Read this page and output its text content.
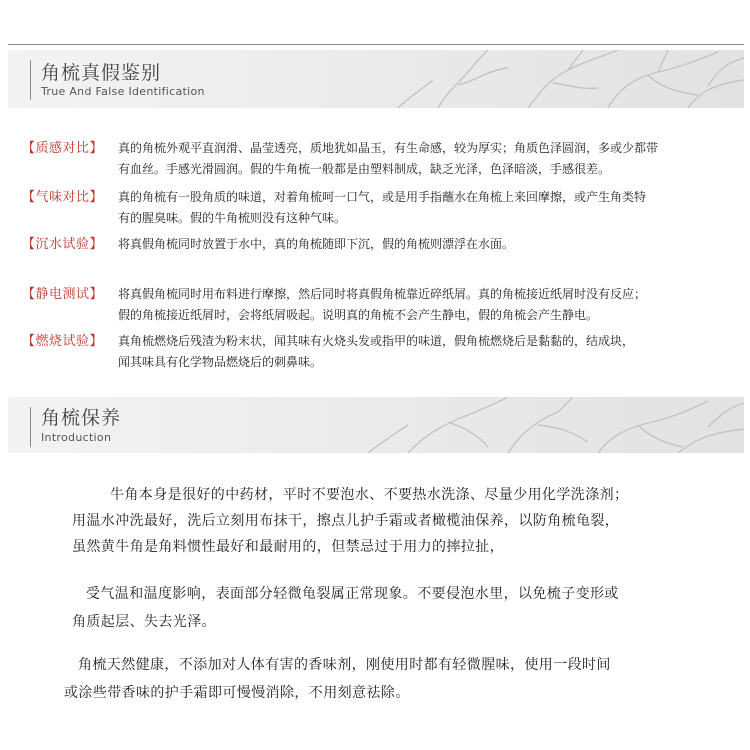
角梳真假鉴别
True And False Identification
【质感对比】	真的角梳外观平直润滑、晶莹透亮，质地犹如晶玉，有生命感，较为厚实；角质色泽圆润，多或少都带
有血丝。手感光滑圆润。假的牛角梳一般都是由塑料制成，缺乏光泽，色泽暗淡，手感很差。
【气味对比】	真的角梳有一股角质的味道，对着角梳呵一口气，或是用手指蘸水在角梳上来回摩擦，或产生角类特
有的腥臭味。假的牛角梳则没有这种气味。
【沉水试验】	将真假角梳同时放置于水中，真的角梳随即下沉，假的角梳则漂浮在水面。
【静电测试】	将真假角梳同时用布料进行摩擦，然后同时将真假角梳靠近碎纸屑。真的角梳接近纸屑时没有反应；
假的角梳接近纸屑时，会将纸屑吸起。说明真的角梳不会产生静电，假的角梳会产生静电。
【燃烧试验】	真角梳燃烧后残渣为粉末状，闻其味有火烧头发或指甲的味道，假角梳燃烧后是黏黏的，结成块，
闻其味具有化学物品燃烧后的刺鼻味。
角梳保养
Introduction
牛角本身是很好的中药材，平时不要泡水、不要热水洗涤、尽量少用化学洗涤剂；
用温水冲洗最好，洗后立刻用布抹干，擦点儿护手霜或者橄榄油保养，以防角梳龟裂，
虽然黄牛角是角料惯性最好和最耐用的，但禁忌过于用力的摔拉扯，
受气温和温度影响，表面部分轻微龟裂属正常现象。不要侵泡水里，以免梳子变形或
角质起层、失去光泽。
角梳天然健康，不添加对人体有害的香味剂，刚使用时都有轻微腥味，使用一段时间
或涂些带香味的护手霜即可慢慢消除，不用刻意祛除。
